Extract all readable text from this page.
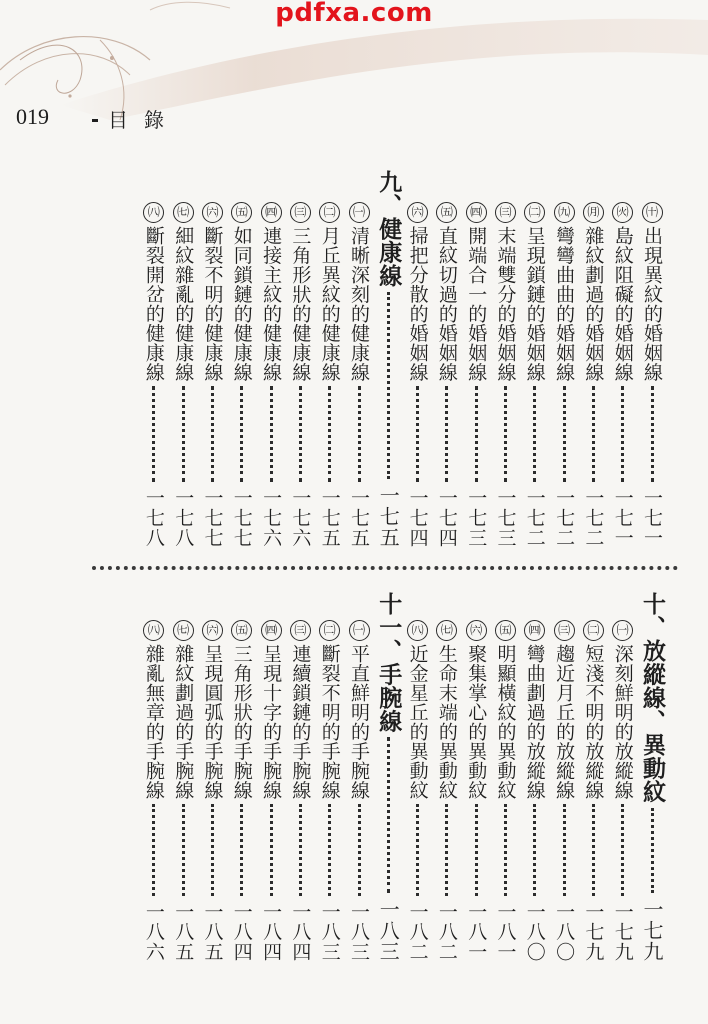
pdfxa.com
019	目錄
㈩
出現異紋的婚姻線
一七一
㈫
島紋阻礙的婚姻線
一七一
㈪
雜紋劃過的婚姻線
一七二
㈨
彎彎曲曲的婚姻線
一七二
㈡
呈現鎖鏈的婚姻線
一七二
㈢
末端雙分的婚姻線
一七三
㈣
開端合一的婚姻線
一七三
㈤
直紋切過的婚姻線
一七四
㈥
掃把分散的婚姻線
一七四
九、健康線
一七五
㈠
清晰深刻的健康線
一七五
㈡
月丘異紋的健康線
一七五
㈢
三角形狀的健康線
一七六
㈣
連接主紋的健康線
一七六
㈤
如同鎖鏈的健康線
一七七
㈥
斷裂不明的健康線
一七七
㈦
細紋雜亂的健康線
一七八
㈧
斷裂開岔的健康線
一七八
十、放縱線、異動紋
一七九
㈠
深刻鮮明的放縱線
一七九
㈡
短淺不明的放縱線
一七九
㈢
趨近月丘的放縱線
一八〇
㈣
彎曲劃過的放縱線
一八〇
㈤
明顯橫紋的異動紋
一八一
㈥
聚集掌心的異動紋
一八一
㈦
生命末端的異動紋
一八二
㈧
近金星丘的異動紋
一八二
十一、手腕線
一八三
㈠
平直鮮明的手腕線
一八三
㈡
斷裂不明的手腕線
一八三
㈢
連續鎖鏈的手腕線
一八四
㈣
呈現十字的手腕線
一八四
㈤
三角形狀的手腕線
一八四
㈥
呈現圓弧的手腕線
一八五
㈦
雜紋劃過的手腕線
一八五
㈧
雜亂無章的手腕線
一八六
